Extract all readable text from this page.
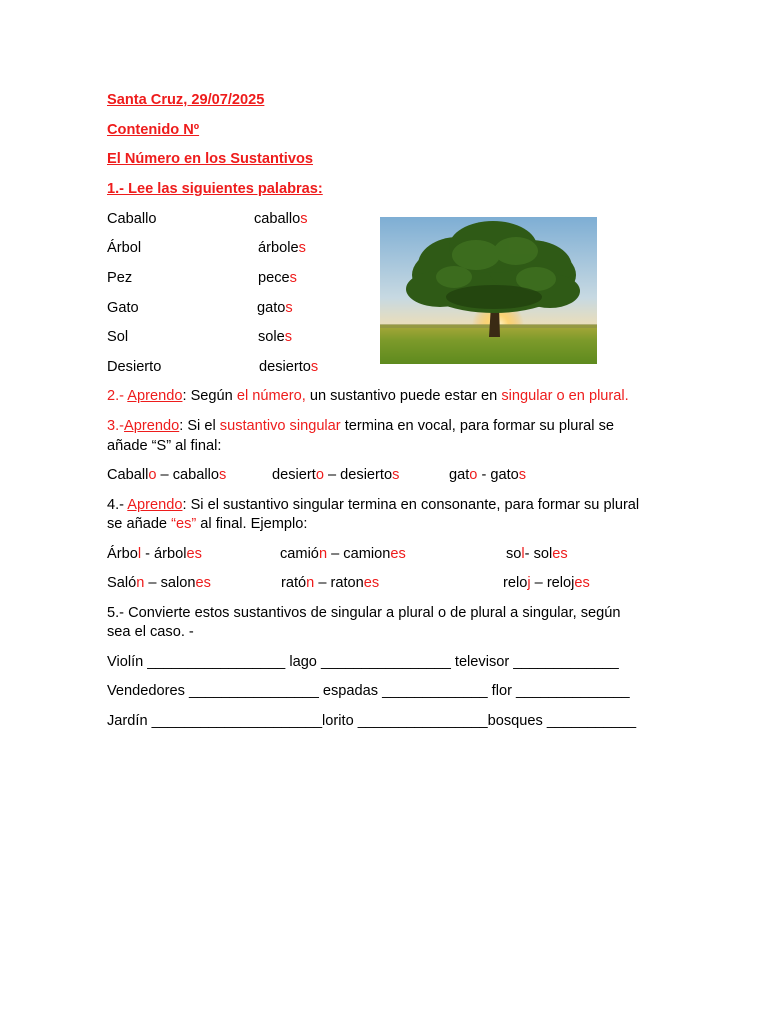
Santa Cruz, 29/07/2025
Contenido Nº
El Número en los Sustantivos
1.- Lee las siguientes palabras:
Caballo	caballos
Árbol	árboles
Pez	peces
Gato	gatos
Sol	soles
Desierto	desiertos
2.- Aprendo: Según el número, un sustantivo puede estar en singular o en plural.
3.-Aprendo: Si el sustantivo singular termina en vocal, para formar su plural se
añade “S” al final:
Caballo – caballos	desierto – desiertos	gato - gatos
4.- Aprendo: Si el sustantivo singular termina en consonante, para formar su plural
se añade “es” al final. Ejemplo:
Árbol - árboles	camión – camiones	sol- soles
Salón – salones	ratón – ratones	reloj – relojes
5.- Convierte estos sustantivos de singular a plural o de plural a singular, según
sea el caso. -
Violín _________________ lago ________________ televisor _____________
Vendedores ________________ espadas _____________ flor ______________
Jardín _____________________lorito ________________bosques ___________
